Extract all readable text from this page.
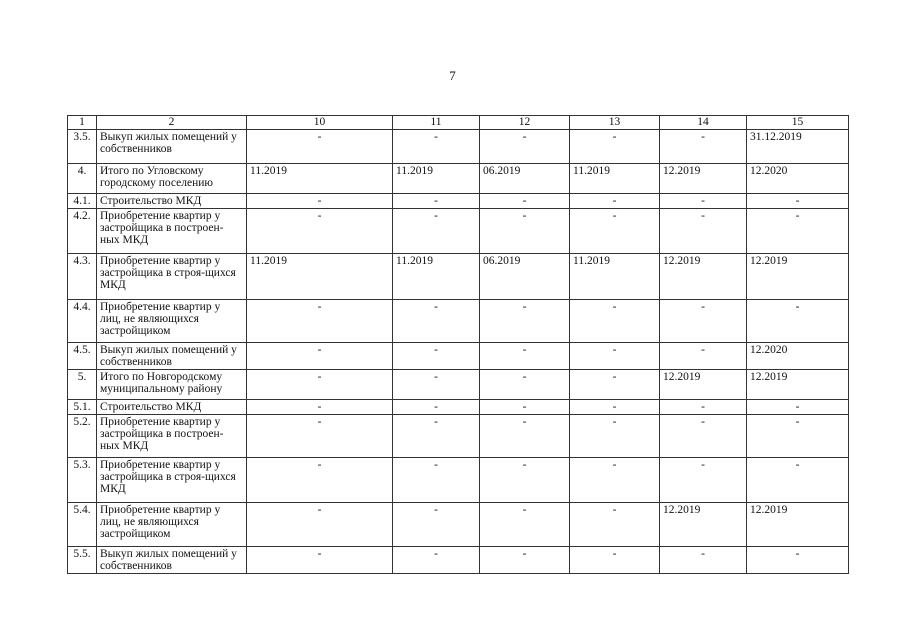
7
1	2	10	11	12	13	14	15
3.5.	Выкуп жилых помещений у собственников	-	-	-	-	-	31.12.2019
4.	Итого по Угловскому городскому поселению	11.2019	11.2019	06.2019	11.2019	12.2019	12.2020
4.1.	Строительство МКД	-	-	-	-	-	-
4.2.	Приобретение квартир у застройщика в построен-ных МКД	-	-	-	-	-	-
4.3.	Приобретение квартир у застройщика в строя-щихся МКД	11.2019	11.2019	06.2019	11.2019	12.2019	12.2019
4.4.	Приобретение квартир у лиц, не являющихся застройщиком	-	-	-	-	-	-
4.5.	Выкуп жилых помещений у собственников	-	-	-	-	-	12.2020
5.	Итого по Новгородскому муниципальному району	-	-	-	-	12.2019	12.2019
5.1.	Строительство МКД	-	-	-	-	-	-
5.2.	Приобретение квартир у застройщика в построен-ных МКД	-	-	-	-	-	-
5.3.	Приобретение квартир у застройщика в строя-щихся МКД	-	-	-	-	-	-
5.4.	Приобретение квартир у лиц, не являющихся застройщиком	-	-	-	-	12.2019	12.2019
5.5.	Выкуп жилых помещений у собственников	-	-	-	-	-	-
